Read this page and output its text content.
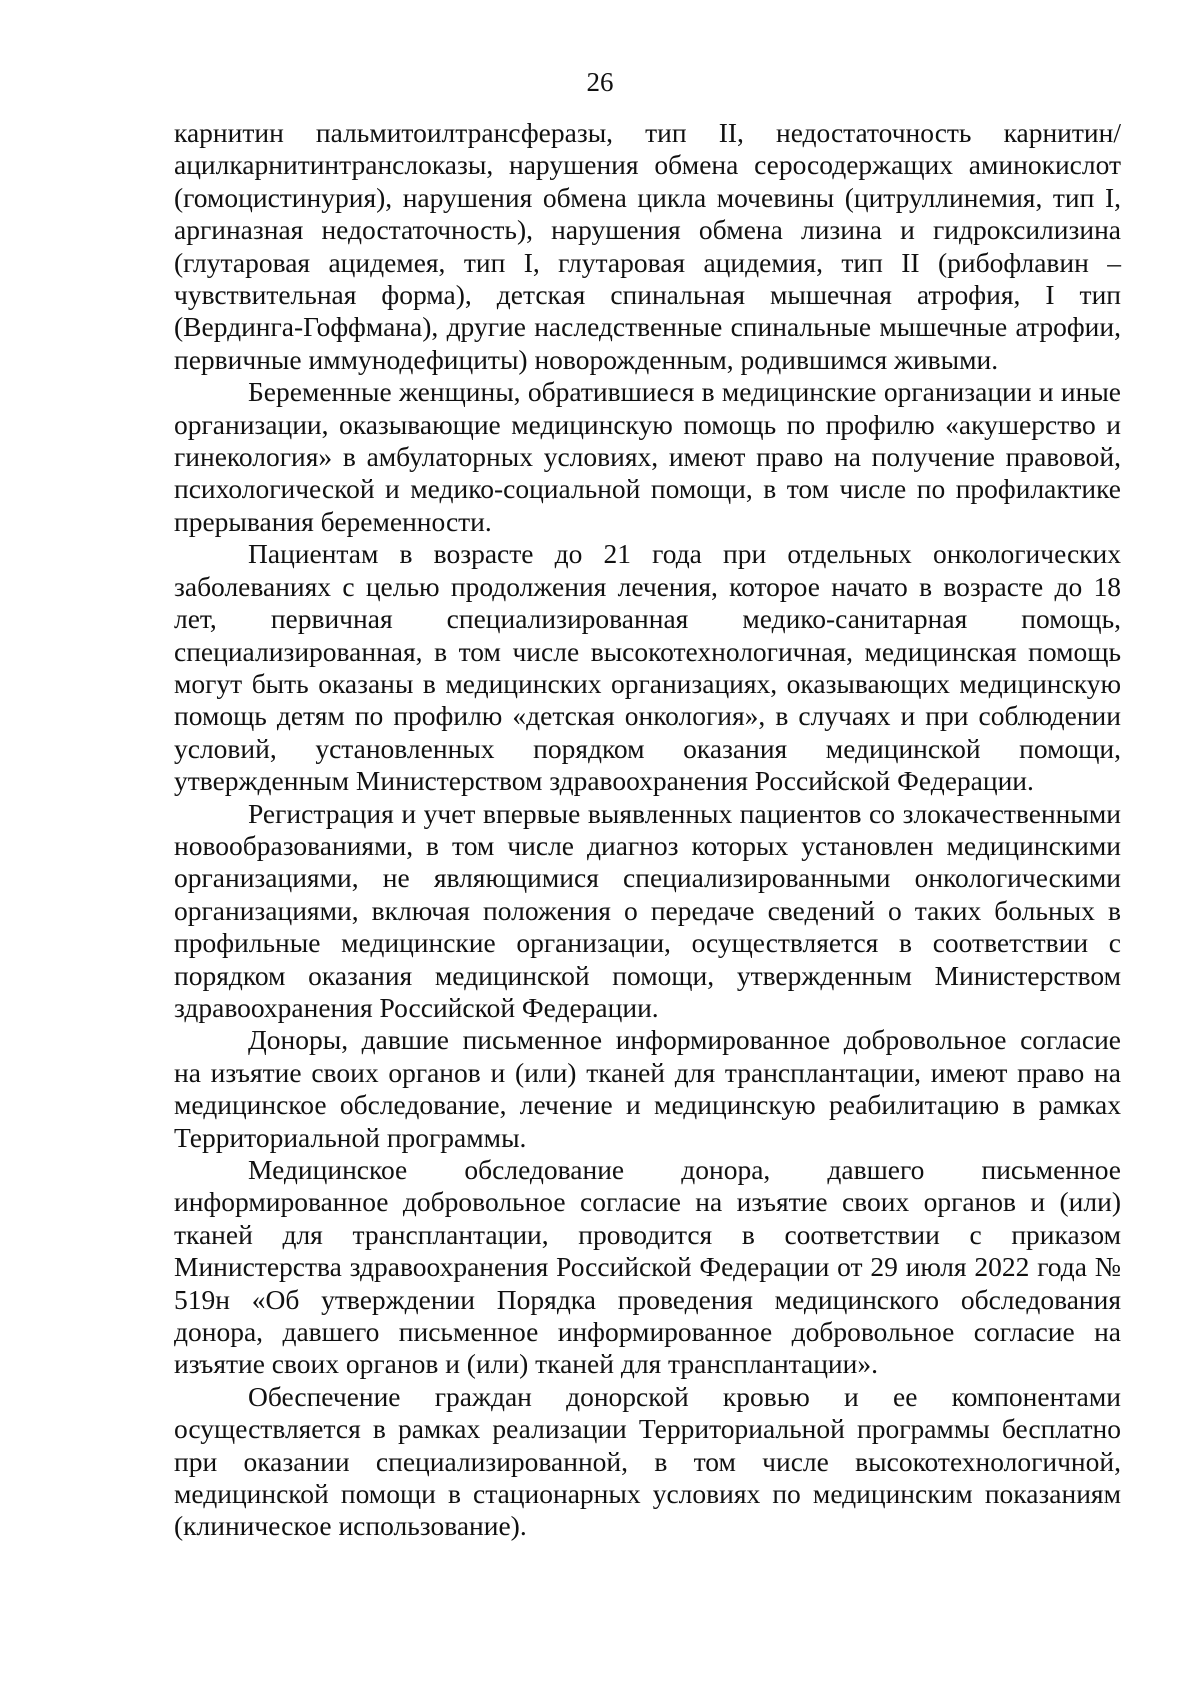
26

карнитин пальмитоилтрансферазы, тип II, недостаточность карнитин/ ацилкарнитинтранслоказы, нарушения обмена серосодержащих аминокислот (гомоцистинурия), нарушения обмена цикла мочевины (цитруллинемия, тип I, аргиназная недостаточность), нарушения обмена лизина и гидроксилизина (глутаровая ацидемея, тип I, глутаровая ацидемия, тип II (рибофлавин – чувствительная форма), детская спинальная мышечная атрофия, I тип (Вердинга-Гоффмана), другие наследственные спинальные мышечные атрофии, первичные иммунодефициты) новорожденным, родившимся живыми.

Беременные женщины, обратившиеся в медицинские организации и иные организации, оказывающие медицинскую помощь по профилю «акушерство и гинекология» в амбулаторных условиях, имеют право на получение правовой, психологической и медико-социальной помощи, в том числе по профилактике прерывания беременности.

Пациентам в возрасте до 21 года при отдельных онкологических заболеваниях с целью продолжения лечения, которое начато в возрасте до 18 лет, первичная специализированная медико-санитарная помощь, специализированная, в том числе высокотехнологичная, медицинская помощь могут быть оказаны в медицинских организациях, оказывающих медицинскую помощь детям по профилю «детская онкология», в случаях и при соблюдении условий, установленных порядком оказания медицинской помощи, утвержденным Министерством здравоохранения Российской Федерации.

Регистрация и учет впервые выявленных пациентов со злокачественными новообразованиями, в том числе диагноз которых установлен медицинскими организациями, не являющимися специализированными онкологическими организациями, включая положения о передаче сведений о таких больных в профильные медицинские организации, осуществляется в соответствии с порядком оказания медицинской помощи, утвержденным Министерством здравоохранения Российской Федерации.

Доноры, давшие письменное информированное добровольное согласие на изъятие своих органов и (или) тканей для трансплантации, имеют право на медицинское обследование, лечение и медицинскую реабилитацию в рамках Территориальной программы.

Медицинское обследование донора, давшего письменное информированное добровольное согласие на изъятие своих органов и (или) тканей для трансплантации, проводится в соответствии с приказом Министерства здравоохранения Российской Федерации от 29 июля 2022 года № 519н «Об утверждении Порядка проведения медицинского обследования донора, давшего письменное информированное добровольное согласие на изъятие своих органов и (или) тканей для трансплантации».

Обеспечение граждан донорской кровью и ее компонентами осуществляется в рамках реализации Территориальной программы бесплатно при оказании специализированной, в том числе высокотехнологичной, медицинской помощи в стационарных условиях по медицинским показаниям (клиническое использование).
